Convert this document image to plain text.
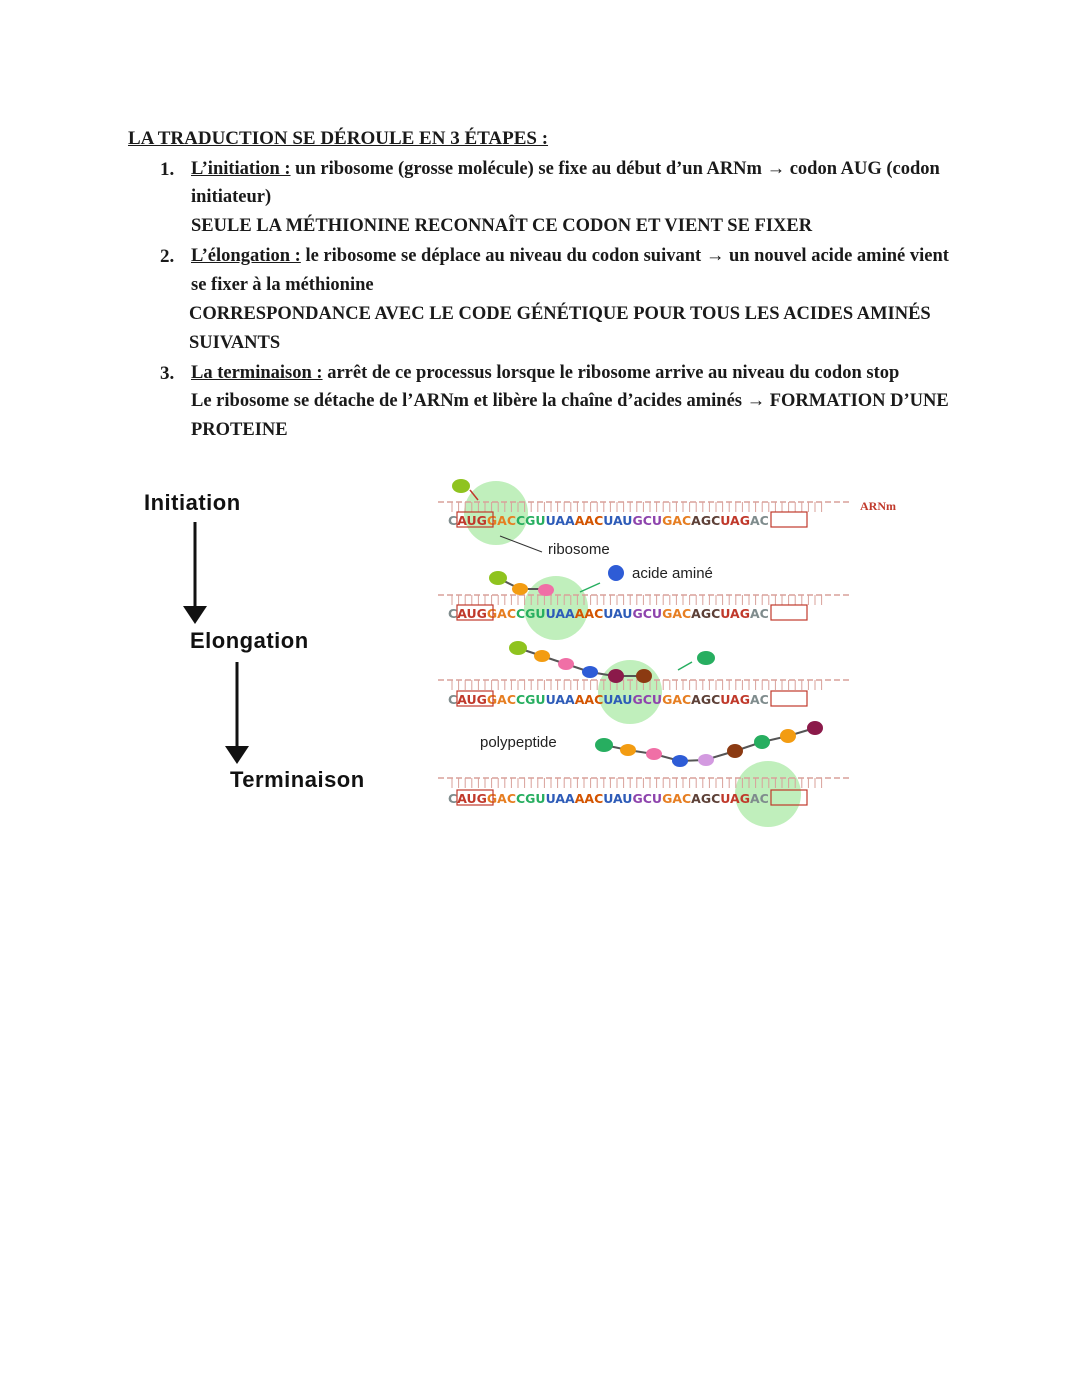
LA TRADUCTION SE DÉROULE EN 3 ÉTAPES :
1. L’initiation : un ribosome (grosse molécule) se fixe au début d’un ARNm → codon AUG (codon
initiateur)
SEULE LA MÉTHIONINE RECONNAÎT CE CODON ET VIENT SE FIXER
2. L’élongation : le ribosome se déplace au niveau du codon suivant → un nouvel acide aminé vient
se fixer à la méthionine
CORRESPONDANCE AVEC LE CODE GÉNÉTIQUE POUR TOUS LES ACIDES AMINÉS
SUIVANTS
3. La terminaison : arrêt de ce processus lorsque le ribosome arrive au niveau du codon stop
Le ribosome se détache de l’ARNm et libère la chaîne d’acides aminés → FORMATION D’UNE
PROTEINE
Initiation
Elongation
Terminaison
CAUGGACCGUUAAAACUAUGCUGACAGCUAGAC
ARNm
ribosome
acide aminé
CAUGGACCGUUAAAACUAUGCUGACAGCUAGAC
CAUGGACCGUUAAAACUAUGCUGACAGCUAGAC
polypeptide
CAUGGACCGUUAAAACUAUGCUGACAGCUAGAC
